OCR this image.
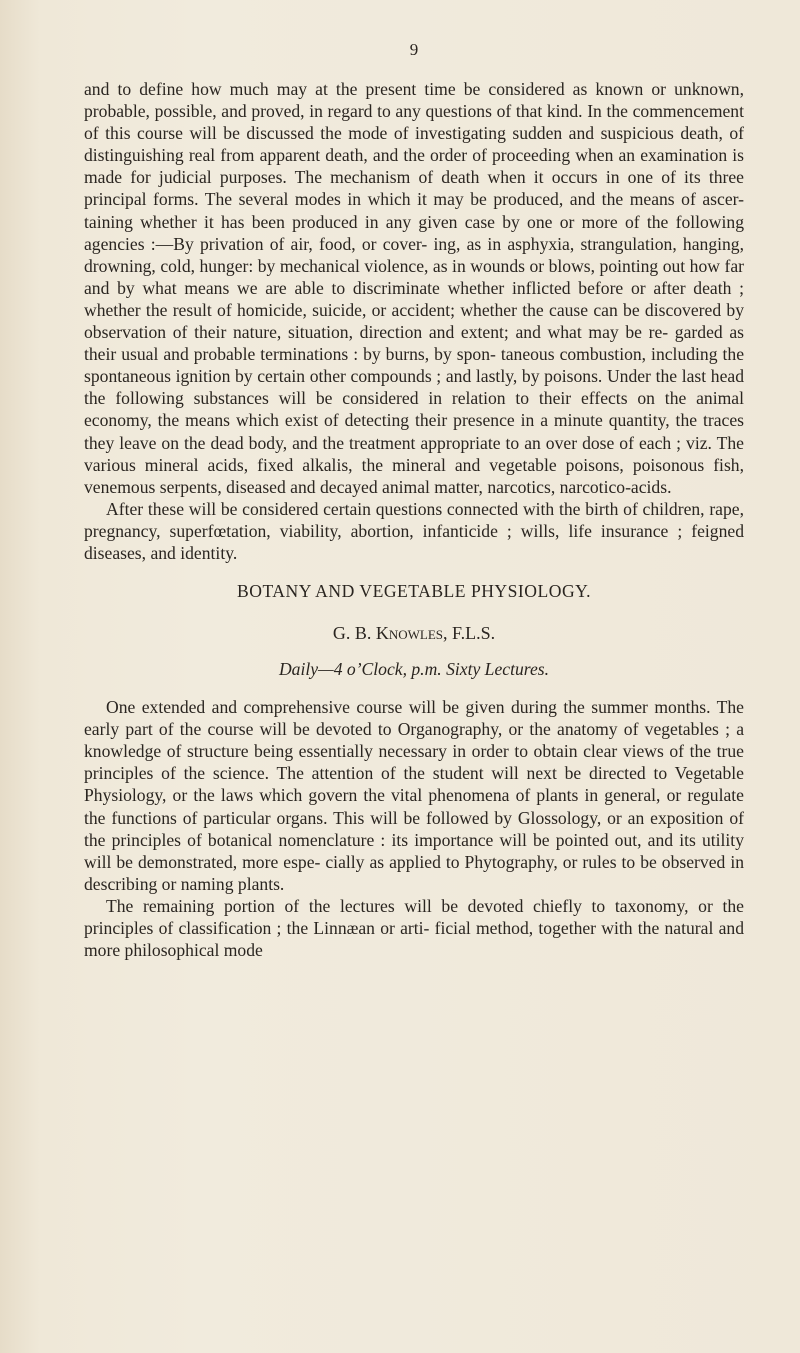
9

and to define how much may at the present time be considered as known or unknown, probable, possible, and proved, in regard to any questions of that kind. In the commencement of this course will be discussed the mode of investigating sudden and suspicious death, of distinguishing real from apparent death, and the order of proceeding when an examination is made for judicial purposes. The mechanism of death when it occurs in one of its three principal forms. The several modes in which it may be produced, and the means of ascer- taining whether it has been produced in any given case by one or more of the following agencies :—By privation of air, food, or cover- ing, as in asphyxia, strangulation, hanging, drowning, cold, hunger: by mechanical violence, as in wounds or blows, pointing out how far and by what means we are able to discriminate whether inflicted before or after death ; whether the result of homicide, suicide, or accident; whether the cause can be discovered by observation of their nature, situation, direction and extent; and what may be re- garded as their usual and probable terminations : by burns, by spon- taneous combustion, including the spontaneous ignition by certain other compounds ; and lastly, by poisons. Under the last head the following substances will be considered in relation to their effects on the animal economy, the means which exist of detecting their presence in a minute quantity, the traces they leave on the dead body, and the treatment appropriate to an over dose of each ; viz. The various mineral acids, fixed alkalis, the mineral and vegetable poisons, poisonous fish, venemous serpents, diseased and decayed animal matter, narcotics, narcotico-acids.

After these will be considered certain questions connected with the birth of children, rape, pregnancy, superfœtation, viability, abortion, infanticide ; wills, life insurance ; feigned diseases, and identity.

BOTANY AND VEGETABLE PHYSIOLOGY.
G. B. Knowles, F.L.S.
Daily—4 o’Clock, p.m. Sixty Lectures.

One extended and comprehensive course will be given during the summer months. The early part of the course will be devoted to Organography, or the anatomy of vegetables ; a knowledge of structure being essentially necessary in order to obtain clear views of the true principles of the science. The attention of the student will next be directed to Vegetable Physiology, or the laws which govern the vital phenomena of plants in general, or regulate the functions of particular organs. This will be followed by Glossology, or an exposition of the principles of botanical nomenclature : its importance will be pointed out, and its utility will be demonstrated, more espe- cially as applied to Phytography, or rules to be observed in describing or naming plants.

The remaining portion of the lectures will be devoted chiefly to taxonomy, or the principles of classification ; the Linnæan or arti- ficial method, together with the natural and more philosophical mode
